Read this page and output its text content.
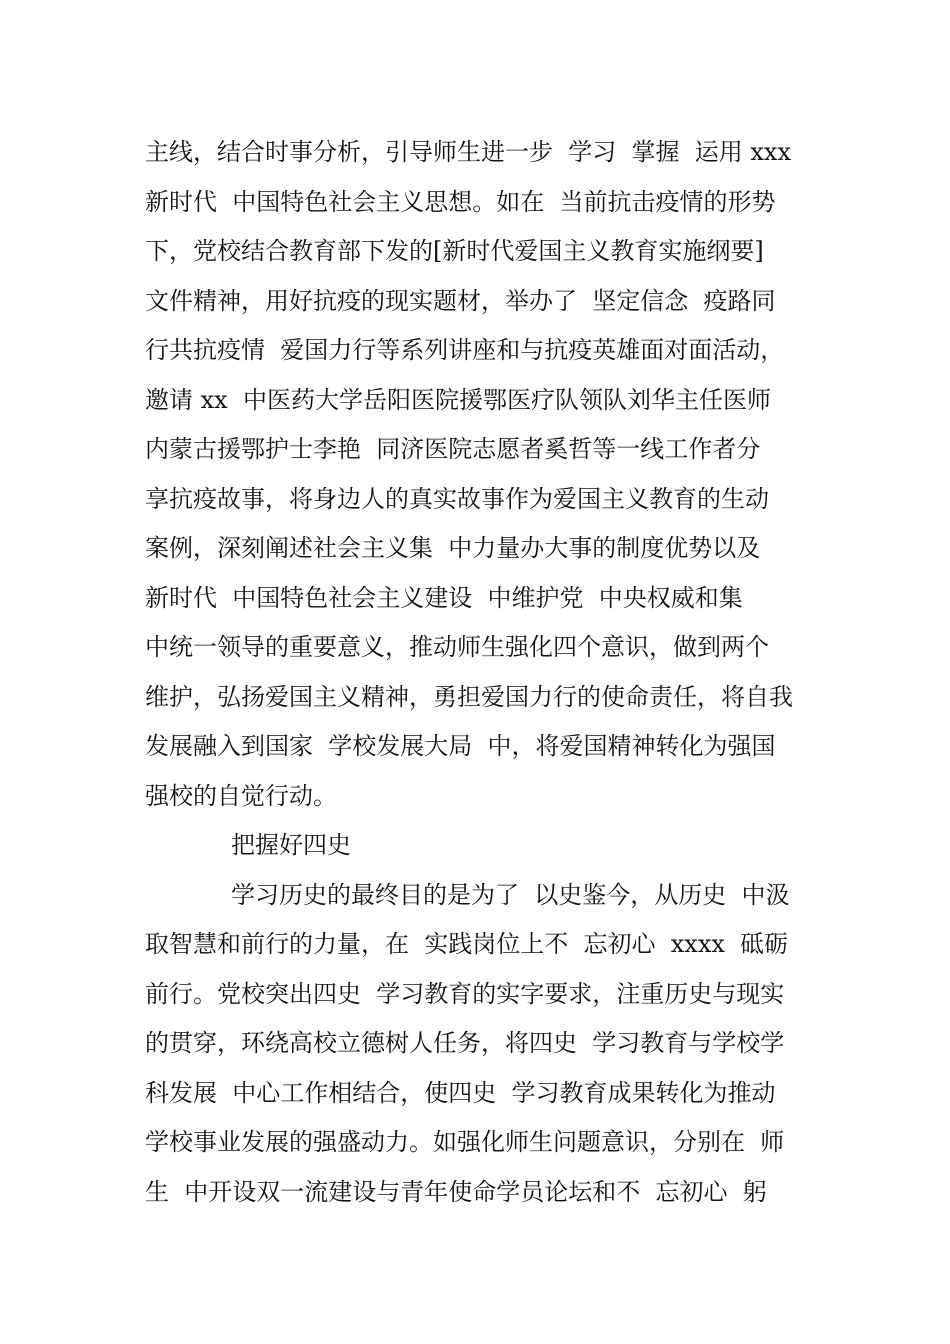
主线，结合时事分析，引导师生进一步  学习  掌握  运用 xxx
新时代  中国特色社会主义思想。如在  当前抗击疫情的形势
下，党校结合教育部下发的[新时代爱国主义教育实施纲要]
文件精神，用好抗疫的现实题材，举办了  坚定信念  疫路同
行共抗疫情  爱国力行等系列讲座和与抗疫英雄面对面活动，
邀请 xx  中医药大学岳阳医院援鄂医疗队领队刘华主任医师
内蒙古援鄂护士李艳  同济医院志愿者奚哲等一线工作者分
享抗疫故事，将身边人的真实故事作为爱国主义教育的生动
案例，深刻阐述社会主义集  中力量办大事的制度优势以及
新时代  中国特色社会主义建设  中维护党  中央权威和集
中统一领导的重要意义，推动师生强化四个意识，做到两个
维护，弘扬爱国主义精神，勇担爱国力行的使命责任，将自我
发展融入到国家  学校发展大局  中，将爱国精神转化为强国
强校的自觉行动。
把握好四史
学习历史的最终目的是为了  以史鉴今，从历史  中汲
取智慧和前行的力量，在  实践岗位上不  忘初心  xxxx  砥砺
前行。党校突出四史  学习教育的实字要求，注重历史与现实
的贯穿，环绕高校立德树人任务，将四史  学习教育与学校学
科发展  中心工作相结合，使四史  学习教育成果转化为推动
学校事业发展的强盛动力。如强化师生问题意识，分别在  师
生  中开设双一流建设与青年使命学员论坛和不  忘初心  躬
